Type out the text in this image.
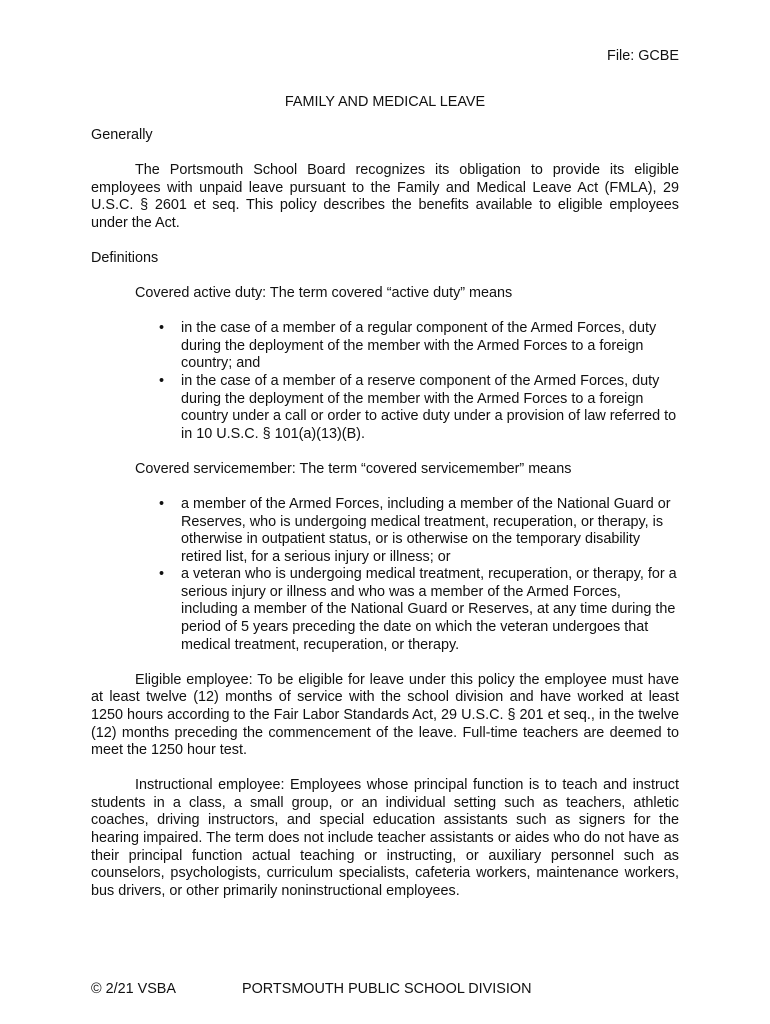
File: GCBE
FAMILY AND MEDICAL LEAVE

Generally

The Portsmouth School Board recognizes its obligation to provide its eligible employees with unpaid leave pursuant to the Family and Medical Leave Act (FMLA), 29 U.S.C. § 2601 et seq. This policy describes the benefits available to eligible employees under the Act.

Definitions

Covered active duty: The term covered “active duty” means

• in the case of a member of a regular component of the Armed Forces, duty during the deployment of the member with the Armed Forces to a foreign country; and
• in the case of a member of a reserve component of the Armed Forces, duty during the deployment of the member with the Armed Forces to a foreign country under a call or order to active duty under a provision of law referred to in 10 U.S.C. § 101(a)(13)(B).

Covered servicemember: The term “covered servicemember” means

• a member of the Armed Forces, including a member of the National Guard or Reserves, who is undergoing medical treatment, recuperation, or therapy, is otherwise in outpatient status, or is otherwise on the temporary disability retired list, for a serious injury or illness; or
• a veteran who is undergoing medical treatment, recuperation, or therapy, for a serious injury or illness and who was a member of the Armed Forces, including a member of the National Guard or Reserves, at any time during the period of 5 years preceding the date on which the veteran undergoes that medical treatment, recuperation, or therapy.

Eligible employee: To be eligible for leave under this policy the employee must have at least twelve (12) months of service with the school division and have worked at least 1250 hours according to the Fair Labor Standards Act, 29 U.S.C. § 201 et seq., in the twelve (12) months preceding the commencement of the leave. Full-time teachers are deemed to meet the 1250 hour test.

Instructional employee: Employees whose principal function is to teach and instruct students in a class, a small group, or an individual setting such as teachers, athletic coaches, driving instructors, and special education assistants such as signers for the hearing impaired. The term does not include teacher assistants or aides who do not have as their principal function actual teaching or instructing, or auxiliary personnel such as counselors, psychologists, curriculum specialists, cafeteria workers, maintenance workers, bus drivers, or other primarily noninstructional employees.

© 2/21 VSBA	PORTSMOUTH PUBLIC SCHOOL DIVISION
